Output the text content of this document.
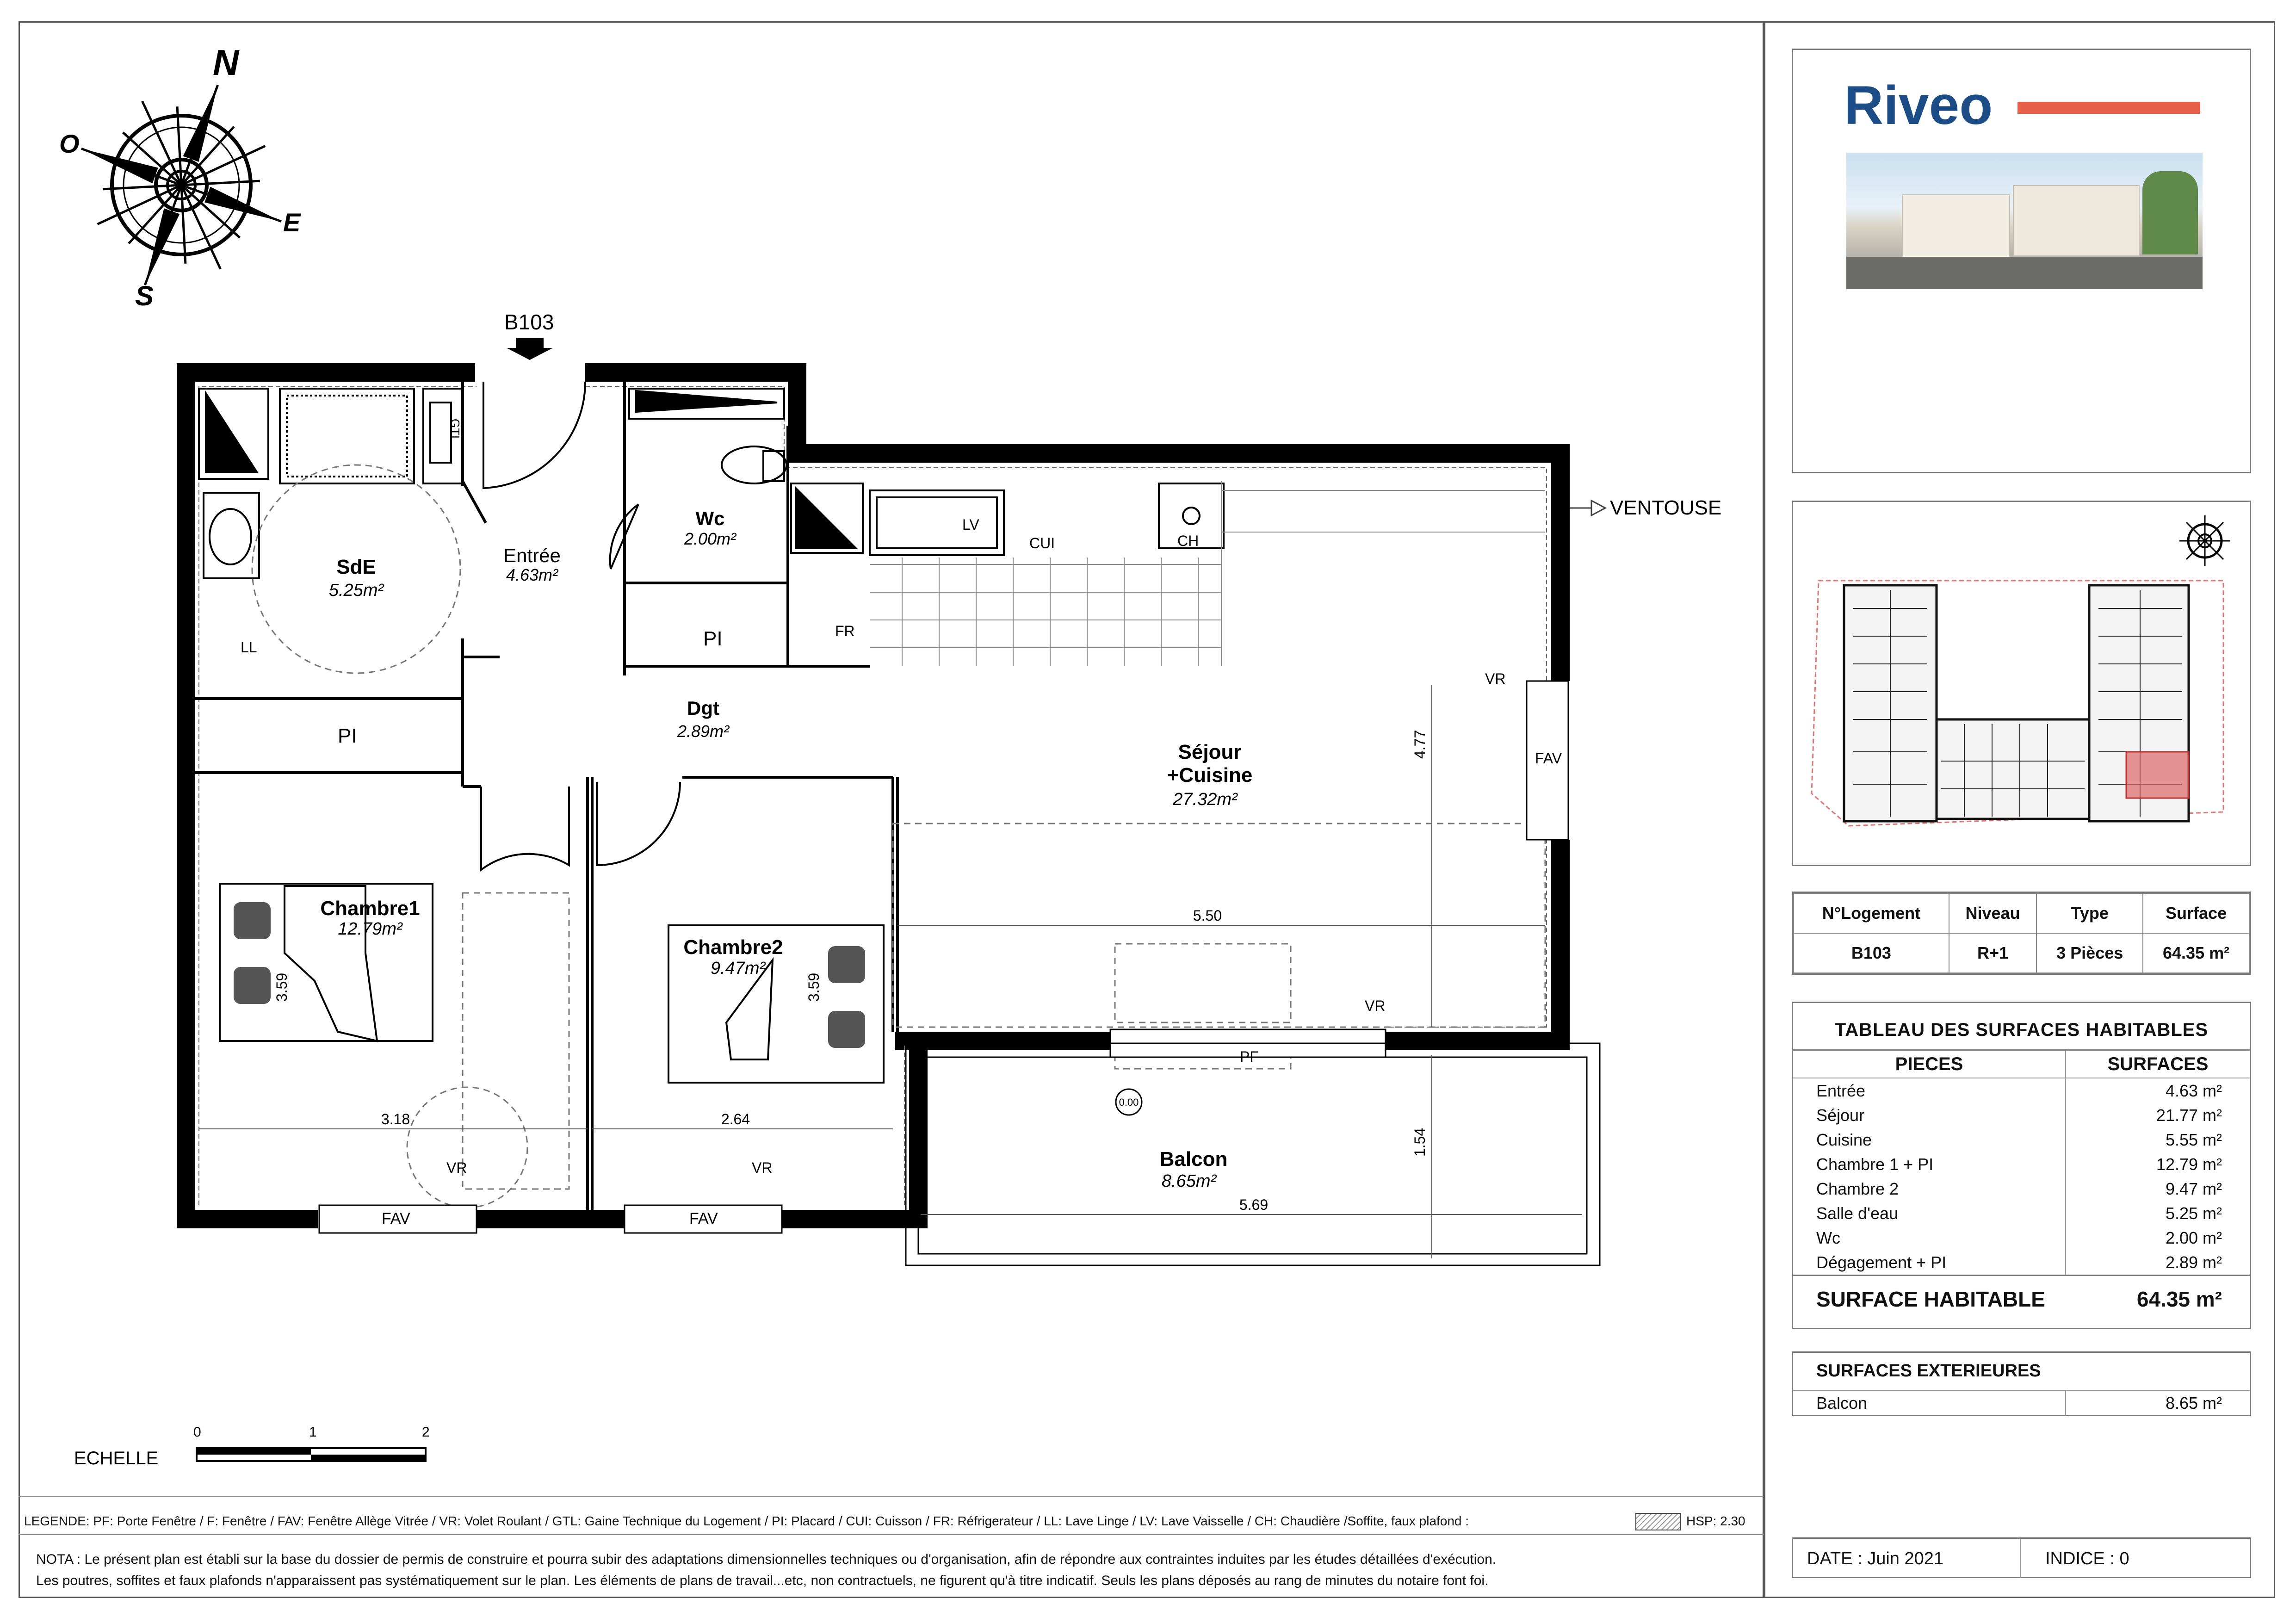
N
O
E
S
B103
VENTOUSE
SdE
5.25m²
Entrée
4.63m²
Wc
2.00m²
Dgt
2.89m²
Séjour
+Cuisine
27.32m²
Chambre1
12.79m²
Chambre2
9.47m²
Balcon
8.65m²
GTL
LV
CUI	CH
FR
LL	PI
PI
VR
FAV
VR
PF
VR
FAV
VR
FAV
0.00
5.50
4.77
3.59	3.59
3.18	2.64
1.54
5.69
ECHELLE
0	1	2
LEGENDE: PF: Porte Fenêtre / F: Fenêtre / FAV: Fenêtre Allège Vitrée / VR: Volet Roulant / GTL: Gaine Technique du Logement / PI: Placard / CUI: Cuisson / FR: Réfrigerateur / LL: Lave Linge / LV: Lave Vaisselle / CH: Chaudière /Soffite, faux plafond :	HSP: 2.30
NOTA : Le présent plan est établi sur la base du dossier de permis de construire et pourra subir des adaptations dimensionnelles techniques ou d'organisation, afin de répondre aux contraintes induites par les études détaillées d'exécution.
Les poutres, soffites et faux plafonds n'apparaissent pas systématiquement sur le plan. Les éléments de plans de travail...etc, non contractuels, ne figurent qu'à titre indicatif. Seuls les plans déposés au rang de minutes du notaire font foi.
Riveo
N°Logement	Niveau	Type	Surface
B103	R+1	3 Pièces	64.35 m²
TABLEAU DES SURFACES HABITABLES
PIECES	SURFACES
Entrée	4.63 m²
Séjour	21.77 m²
Cuisine	5.55 m²
Chambre 1 + PI	12.79 m²
Chambre 2	9.47 m²
Salle d'eau	5.25 m²
Wc	2.00 m²
Dégagement + PI	2.89 m²
SURFACE HABITABLE	64.35 m²
SURFACES EXTERIEURES
Balcon	8.65 m²
DATE : Juin 2021	INDICE : 0
